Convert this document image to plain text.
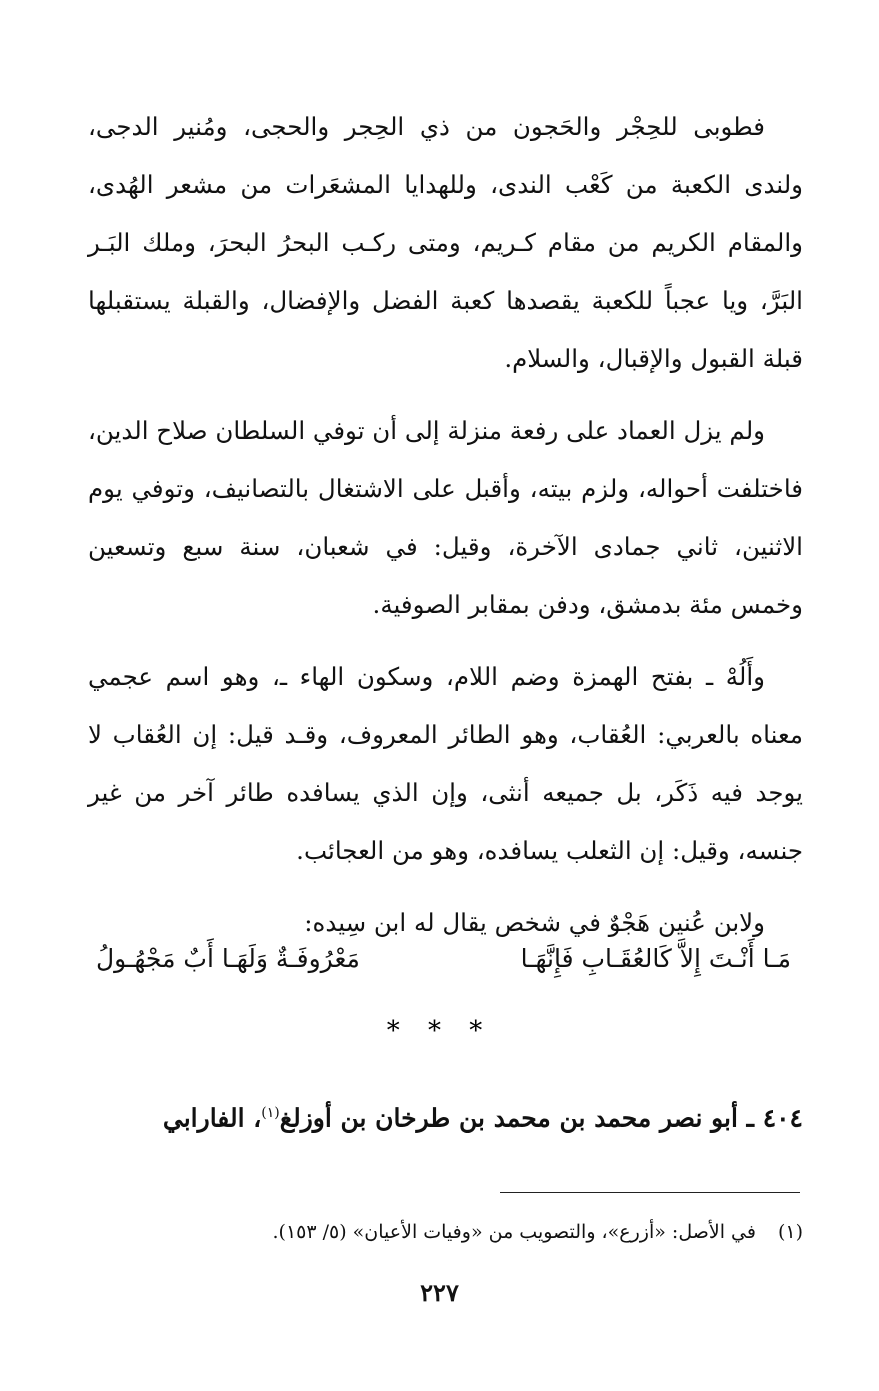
فطوبى للحِجْر والحَجون من ذي الحِجر والحجى، ومُنير الدجى، ولندى الكعبة من كَعْب الندى، وللهدايا المشعَرات من مشعر الهُدى، والمقام الكريم من مقام كـريم، ومتى ركـب البحرُ البحرَ، وملك البَـر البَرَّ، ويا عجباً للكعبة يقصدها كعبة الفضل والإفضال، والقبلة يستقبلها قبلة القبول والإقبال، والسلام.

ولم يزل العماد على رفعة منزلة إلى أن توفي السلطان صلاح الدين، فاختلفت أحواله، ولزم بيته، وأقبل على الاشتغال بالتصانيف، وتوفي يوم الاثنين، ثاني جمادى الآخرة، وقيل: في شعبان، سنة سبع وتسعين وخمس مئة بدمشق، ودفن بمقابر الصوفية.

وأَلُهْ ـ بفتح الهمزة وضم اللام، وسكون الهاء ـ، وهو اسم عجمي معناه بالعربي: العُقاب، وهو الطائر المعروف، وقـد قيل: إن العُقاب لا يوجد فيه ذَكَر، بل جميعه أنثى، وإن الذي يسافده طائر آخر من غير جنسه، وقيل: إن الثعلب يسافده، وهو من العجائب.

ولابن عُنين هَجْوٌ في شخص يقال له ابن سِيده:

مَـا أَنْـتَ إِلاَّ كَالعُقَـابِ فَإِنَّهَـا
مَعْرُوفَـةٌ وَلَهَـا أَبٌ مَجْهُـولُ
* * *
٤٠٤ ـ أبو نصر محمد بن محمد بن طرخان بن أوزلغ$^{(١)}$، الفارابي
(١)في الأصل: «أزرع»، والتصويب من «وفيات الأعيان» (٥/ ١٥٣).
٢٢٧
